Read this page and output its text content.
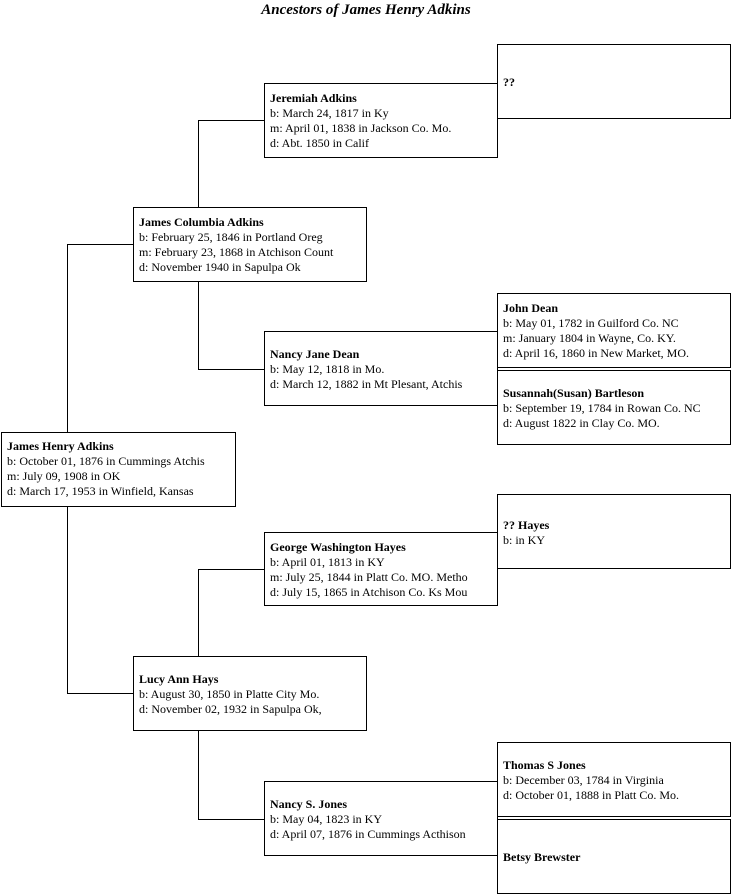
Ancestors of James Henry Adkins
James Henry Adkins
b: October 01, 1876 in Cummings Atchis
m: July 09, 1908 in OK
d: March 17, 1953 in Winfield, Kansas
James Columbia Adkins
b: February 25, 1846 in Portland Oreg
m: February 23, 1868 in Atchison Count
d: November 1940 in Sapulpa Ok
Lucy Ann Hays
b: August 30, 1850 in Platte City Mo.
d: November 02, 1932 in Sapulpa Ok,
Jeremiah Adkins
b: March 24, 1817 in Ky
m: April 01, 1838 in Jackson Co. Mo.
d: Abt. 1850 in Calif
Nancy Jane Dean
b: May 12, 1818 in Mo.
d: March 12, 1882 in Mt Plesant, Atchis
George Washington Hayes
b: April 01, 1813 in KY
m: July 25, 1844 in Platt Co. MO. Metho
d: July 15, 1865 in Atchison Co. Ks Mou
Nancy S. Jones
b: May 04, 1823 in KY
d: April 07, 1876 in Cummings Acthison
??
John Dean
b: May 01, 1782 in Guilford Co. NC
m: January 1804 in Wayne, Co. KY.
d: April 16, 1860 in New Market, MO.
Susannah(Susan) Bartleson
b: September 19, 1784 in Rowan Co. NC
d: August 1822 in Clay Co. MO.
?? Hayes
b: in KY
Thomas S Jones
b: December 03, 1784 in Virginia
d: October 01, 1888 in Platt Co. Mo.
Betsy Brewster
